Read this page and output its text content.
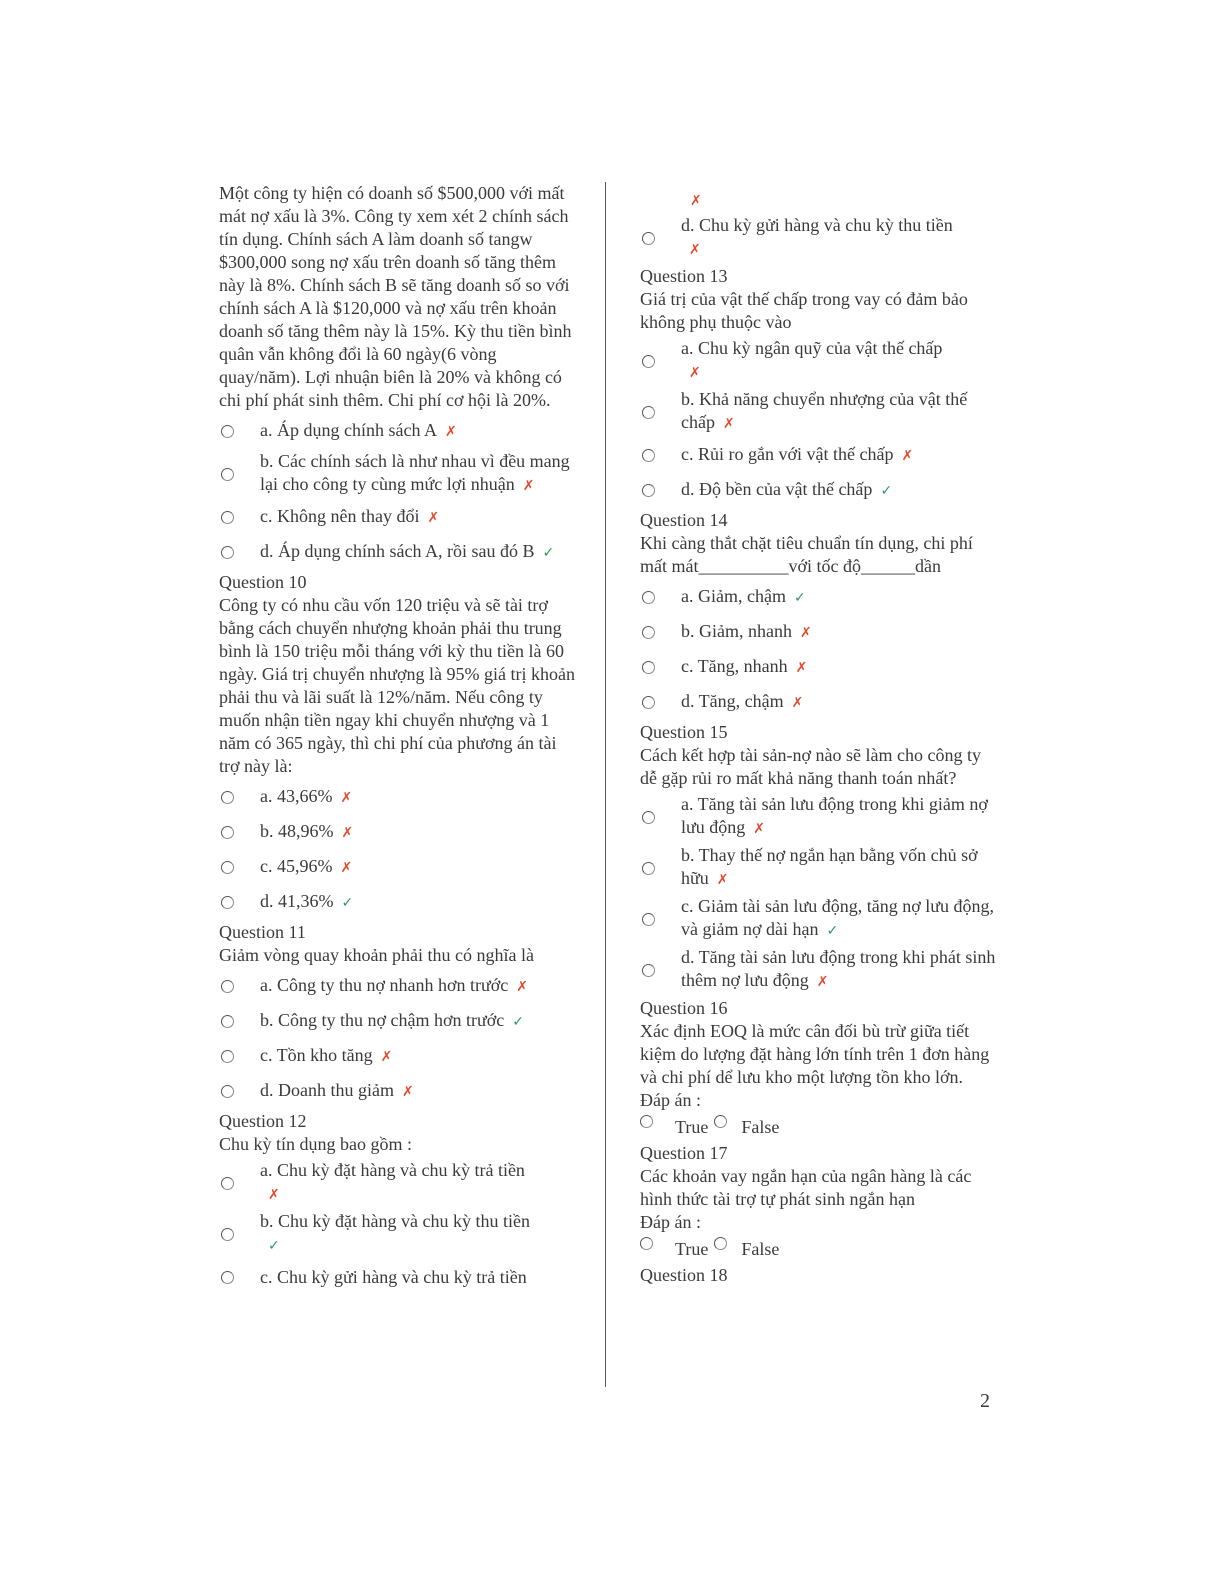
Một công ty hiện có doanh số $500,000 với mất mát nợ xấu là 3%. Công ty xem xét 2 chính sách tín dụng. Chính sách A làm doanh số tangw $300,000 song nợ xấu trên doanh số tăng thêm này là 8%. Chính sách B sẽ tăng doanh số so với chính sách A là $120,000 và nợ xấu trên khoản doanh số tăng thêm này là 15%. Kỳ thu tiền bình quân vẫn không đổi là 60 ngày(6 vòng quay/năm). Lợi nhuận biên là 20% và không có chi phí phát sinh thêm. Chi phí cơ hội là 20%.

a. Áp dụng chính sách A ✗
b. Các chính sách là như nhau vì đều mang lại cho công ty cùng mức lợi nhuận ✗
c. Không nên thay đổi ✗
d. Áp dụng chính sách A, rồi sau đó B ✓

Question 10

Công ty có nhu cầu vốn 120 triệu và sẽ tài trợ bằng cách chuyển nhượng khoản phải thu trung bình là 150 triệu mỗi tháng với kỳ thu tiền là 60 ngày. Giá trị chuyển nhượng là 95% giá trị khoản phải thu và lãi suất là 12%/năm. Nếu công ty muốn nhận tiền ngay khi chuyển nhượng và 1 năm có 365 ngày, thì chi phí của phương án tài trợ này là:

a. 43,66% ✗
b. 48,96% ✗
c. 45,96% ✗
d. 41,36% ✓

Question 11

Giảm vòng quay khoản phải thu có nghĩa là

a. Công ty thu nợ nhanh hơn trước ✗
b. Công ty thu nợ chậm hơn trước ✓
c. Tồn kho tăng ✗
d. Doanh thu giảm ✗

Question 12

Chu kỳ tín dụng bao gồm :

a. Chu kỳ đặt hàng và chu kỳ trả tiền
✗
b. Chu kỳ đặt hàng và chu kỳ thu tiền
✓
c. Chu kỳ gửi hàng và chu kỳ trả tiền
✗
d. Chu kỳ gửi hàng và chu kỳ thu tiền
✗

Question 13

Giá trị của vật thế chấp trong vay có đảm bảo không phụ thuộc vào

a. Chu kỳ ngân quỹ của vật thế chấp
✗
b. Khả năng chuyển nhượng của vật thế chấp ✗
c. Rủi ro gắn với vật thế chấp ✗
d. Độ bền của vật thế chấp ✓

Question 14

Khi càng thắt chặt tiêu chuẩn tín dụng, chi phí mất mát__________với tốc độ______dần

a. Giảm, chậm ✓
b. Giảm, nhanh ✗
c. Tăng, nhanh ✗
d. Tăng, chậm ✗

Question 15

Cách kết hợp tài sản-nợ nào sẽ làm cho công ty dễ gặp rủi ro mất khả năng thanh toán nhất?

a. Tăng tài sản lưu động trong khi giảm nợ lưu động ✗
b. Thay thế nợ ngắn hạn bằng vốn chủ sở hữu ✗
c. Giảm tài sản lưu động, tăng nợ lưu động, và giảm nợ dài hạn ✓
d. Tăng tài sản lưu động trong khi phát sinh thêm nợ lưu động ✗

Question 16

Xác định EOQ là mức cân đối bù trừ giữa tiết kiệm do lượng đặt hàng lớn tính trên 1 đơn hàng và chi phí dể lưu kho một lượng tồn kho lớn.

Đáp án :

True False

Question 17

Các khoản vay ngắn hạn của ngân hàng là các hình thức tài trợ tự phát sinh ngắn hạn

Đáp án :

True False

Question 18

2
